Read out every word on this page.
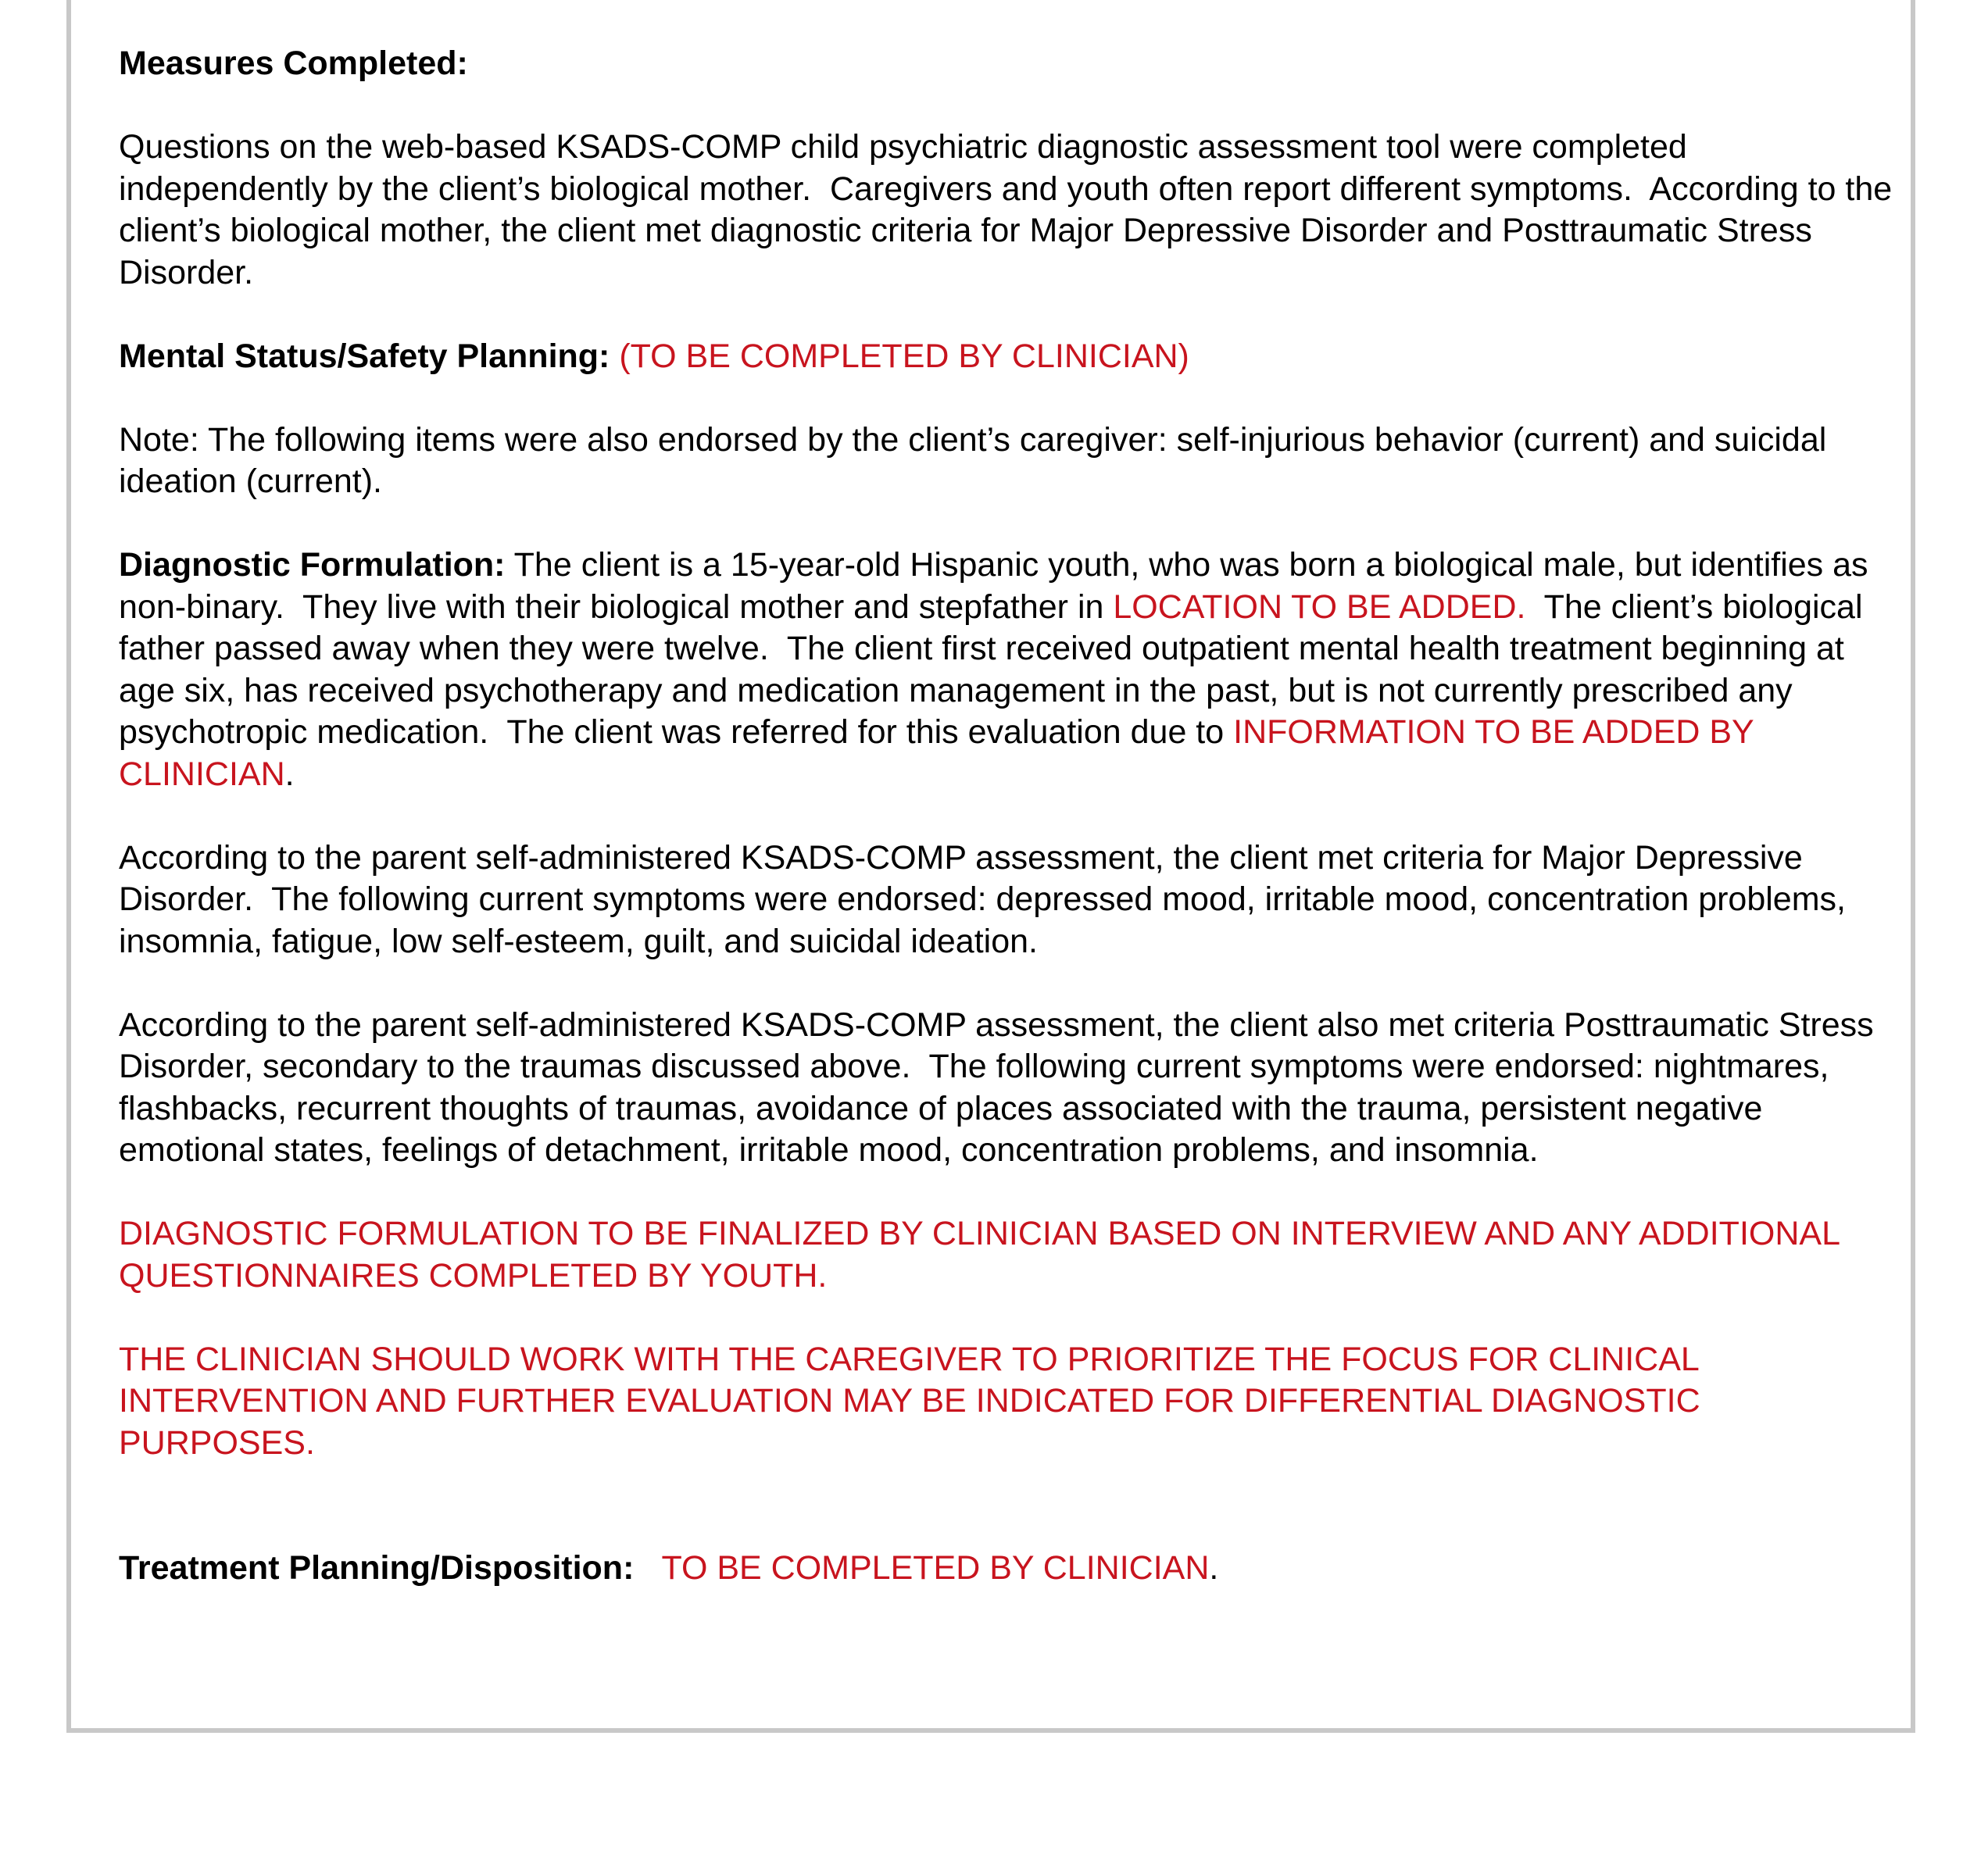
Measures Completed:

Questions on the web-based KSADS-COMP child psychiatric diagnostic assessment tool were completed independently by the client’s biological mother.  Caregivers and youth often report different symptoms.  According to the client’s biological mother, the client met diagnostic criteria for Major Depressive Disorder and Posttraumatic Stress Disorder.

Mental Status/Safety Planning: (TO BE COMPLETED BY CLINICIAN)

Note: The following items were also endorsed by the client’s caregiver: self-injurious behavior (current) and suicidal ideation (current).

Diagnostic Formulation: The client is a 15-year-old Hispanic youth, who was born a biological male, but identifies as non-binary.  They live with their biological mother and stepfather in LOCATION TO BE ADDED.  The client’s biological father passed away when they were twelve.  The client first received outpatient mental health treatment beginning at age six, has received psychotherapy and medication management in the past, but is not currently prescribed any psychotropic medication.  The client was referred for this evaluation due to INFORMATION TO BE ADDED BY CLINICIAN.

According to the parent self-administered KSADS-COMP assessment, the client met criteria for Major Depressive Disorder.  The following current symptoms were endorsed: depressed mood, irritable mood, concentration problems, insomnia, fatigue, low self-esteem, guilt, and suicidal ideation.

According to the parent self-administered KSADS-COMP assessment, the client also met criteria Posttraumatic Stress Disorder, secondary to the traumas discussed above.  The following current symptoms were endorsed: nightmares, flashbacks, recurrent thoughts of traumas, avoidance of places associated with the trauma, persistent negative emotional states, feelings of detachment, irritable mood, concentration problems, and insomnia.

DIAGNOSTIC FORMULATION TO BE FINALIZED BY CLINICIAN BASED ON INTERVIEW AND ANY ADDITIONAL QUESTIONNAIRES COMPLETED BY YOUTH.

THE CLINICIAN SHOULD WORK WITH THE CAREGIVER TO PRIORITIZE THE FOCUS FOR CLINICAL INTERVENTION AND FURTHER EVALUATION MAY BE INDICATED FOR DIFFERENTIAL DIAGNOSTIC PURPOSES.

Treatment Planning/Disposition: TO BE COMPLETED BY CLINICIAN.
